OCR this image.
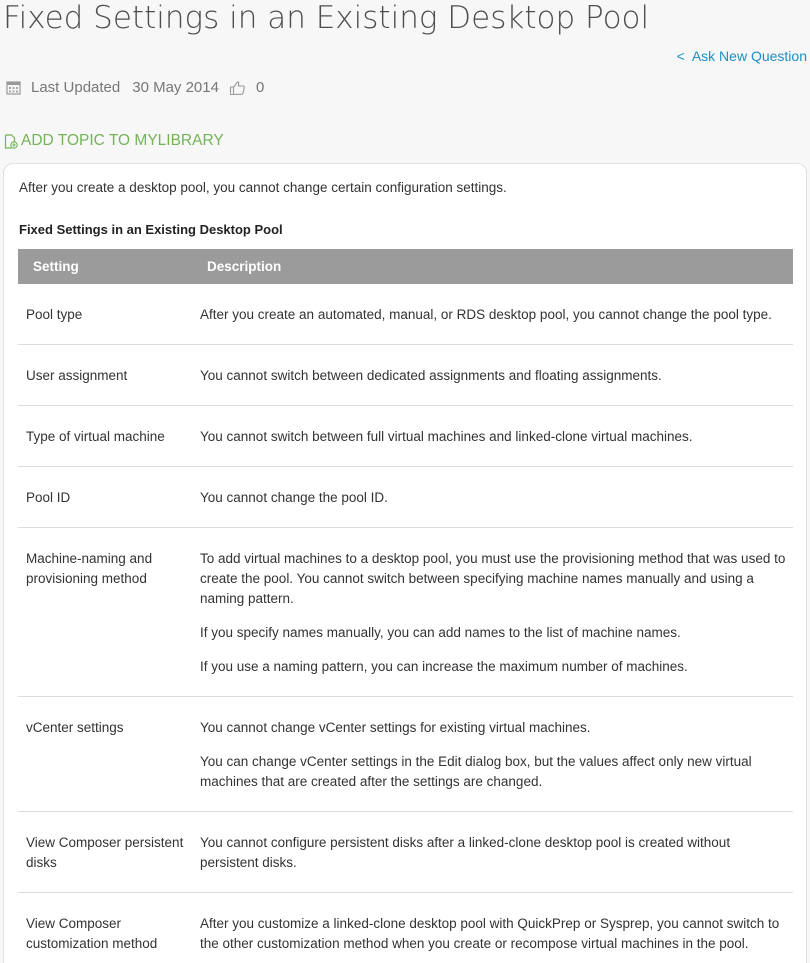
Fixed Settings in an Existing Desktop Pool
< Ask New Question
Last Updated 30 May 2014 0
ADD TOPIC TO MYLIBRARY

After you create a desktop pool, you cannot change certain configuration settings.

Fixed Settings in an Existing Desktop Pool

Setting	Description
Pool type	After you create an automated, manual, or RDS desktop pool, you cannot change the pool type.

User assignment	You cannot switch between dedicated assignments and floating assignments.

Type of virtual machine	You cannot switch between full virtual machines and linked-clone virtual machines.

Pool ID	You cannot change the pool ID.

Machine-naming and provisioning method	To add virtual machines to a desktop pool, you must use the provisioning method that was used to create the pool. You cannot switch between specifying machine names manually and using a naming pattern.

If you specify names manually, you can add names to the list of machine names.

If you use a naming pattern, you can increase the maximum number of machines.

vCenter settings	You cannot change vCenter settings for existing virtual machines.

You can change vCenter settings in the Edit dialog box, but the values affect only new virtual machines that are created after the settings are changed.

View Composer persistent disks	You cannot configure persistent disks after a linked-clone desktop pool is created without persistent disks.

View Composer customization method	After you customize a linked-clone desktop pool with QuickPrep or Sysprep, you cannot switch to the other customization method when you create or recompose virtual machines in the pool.
